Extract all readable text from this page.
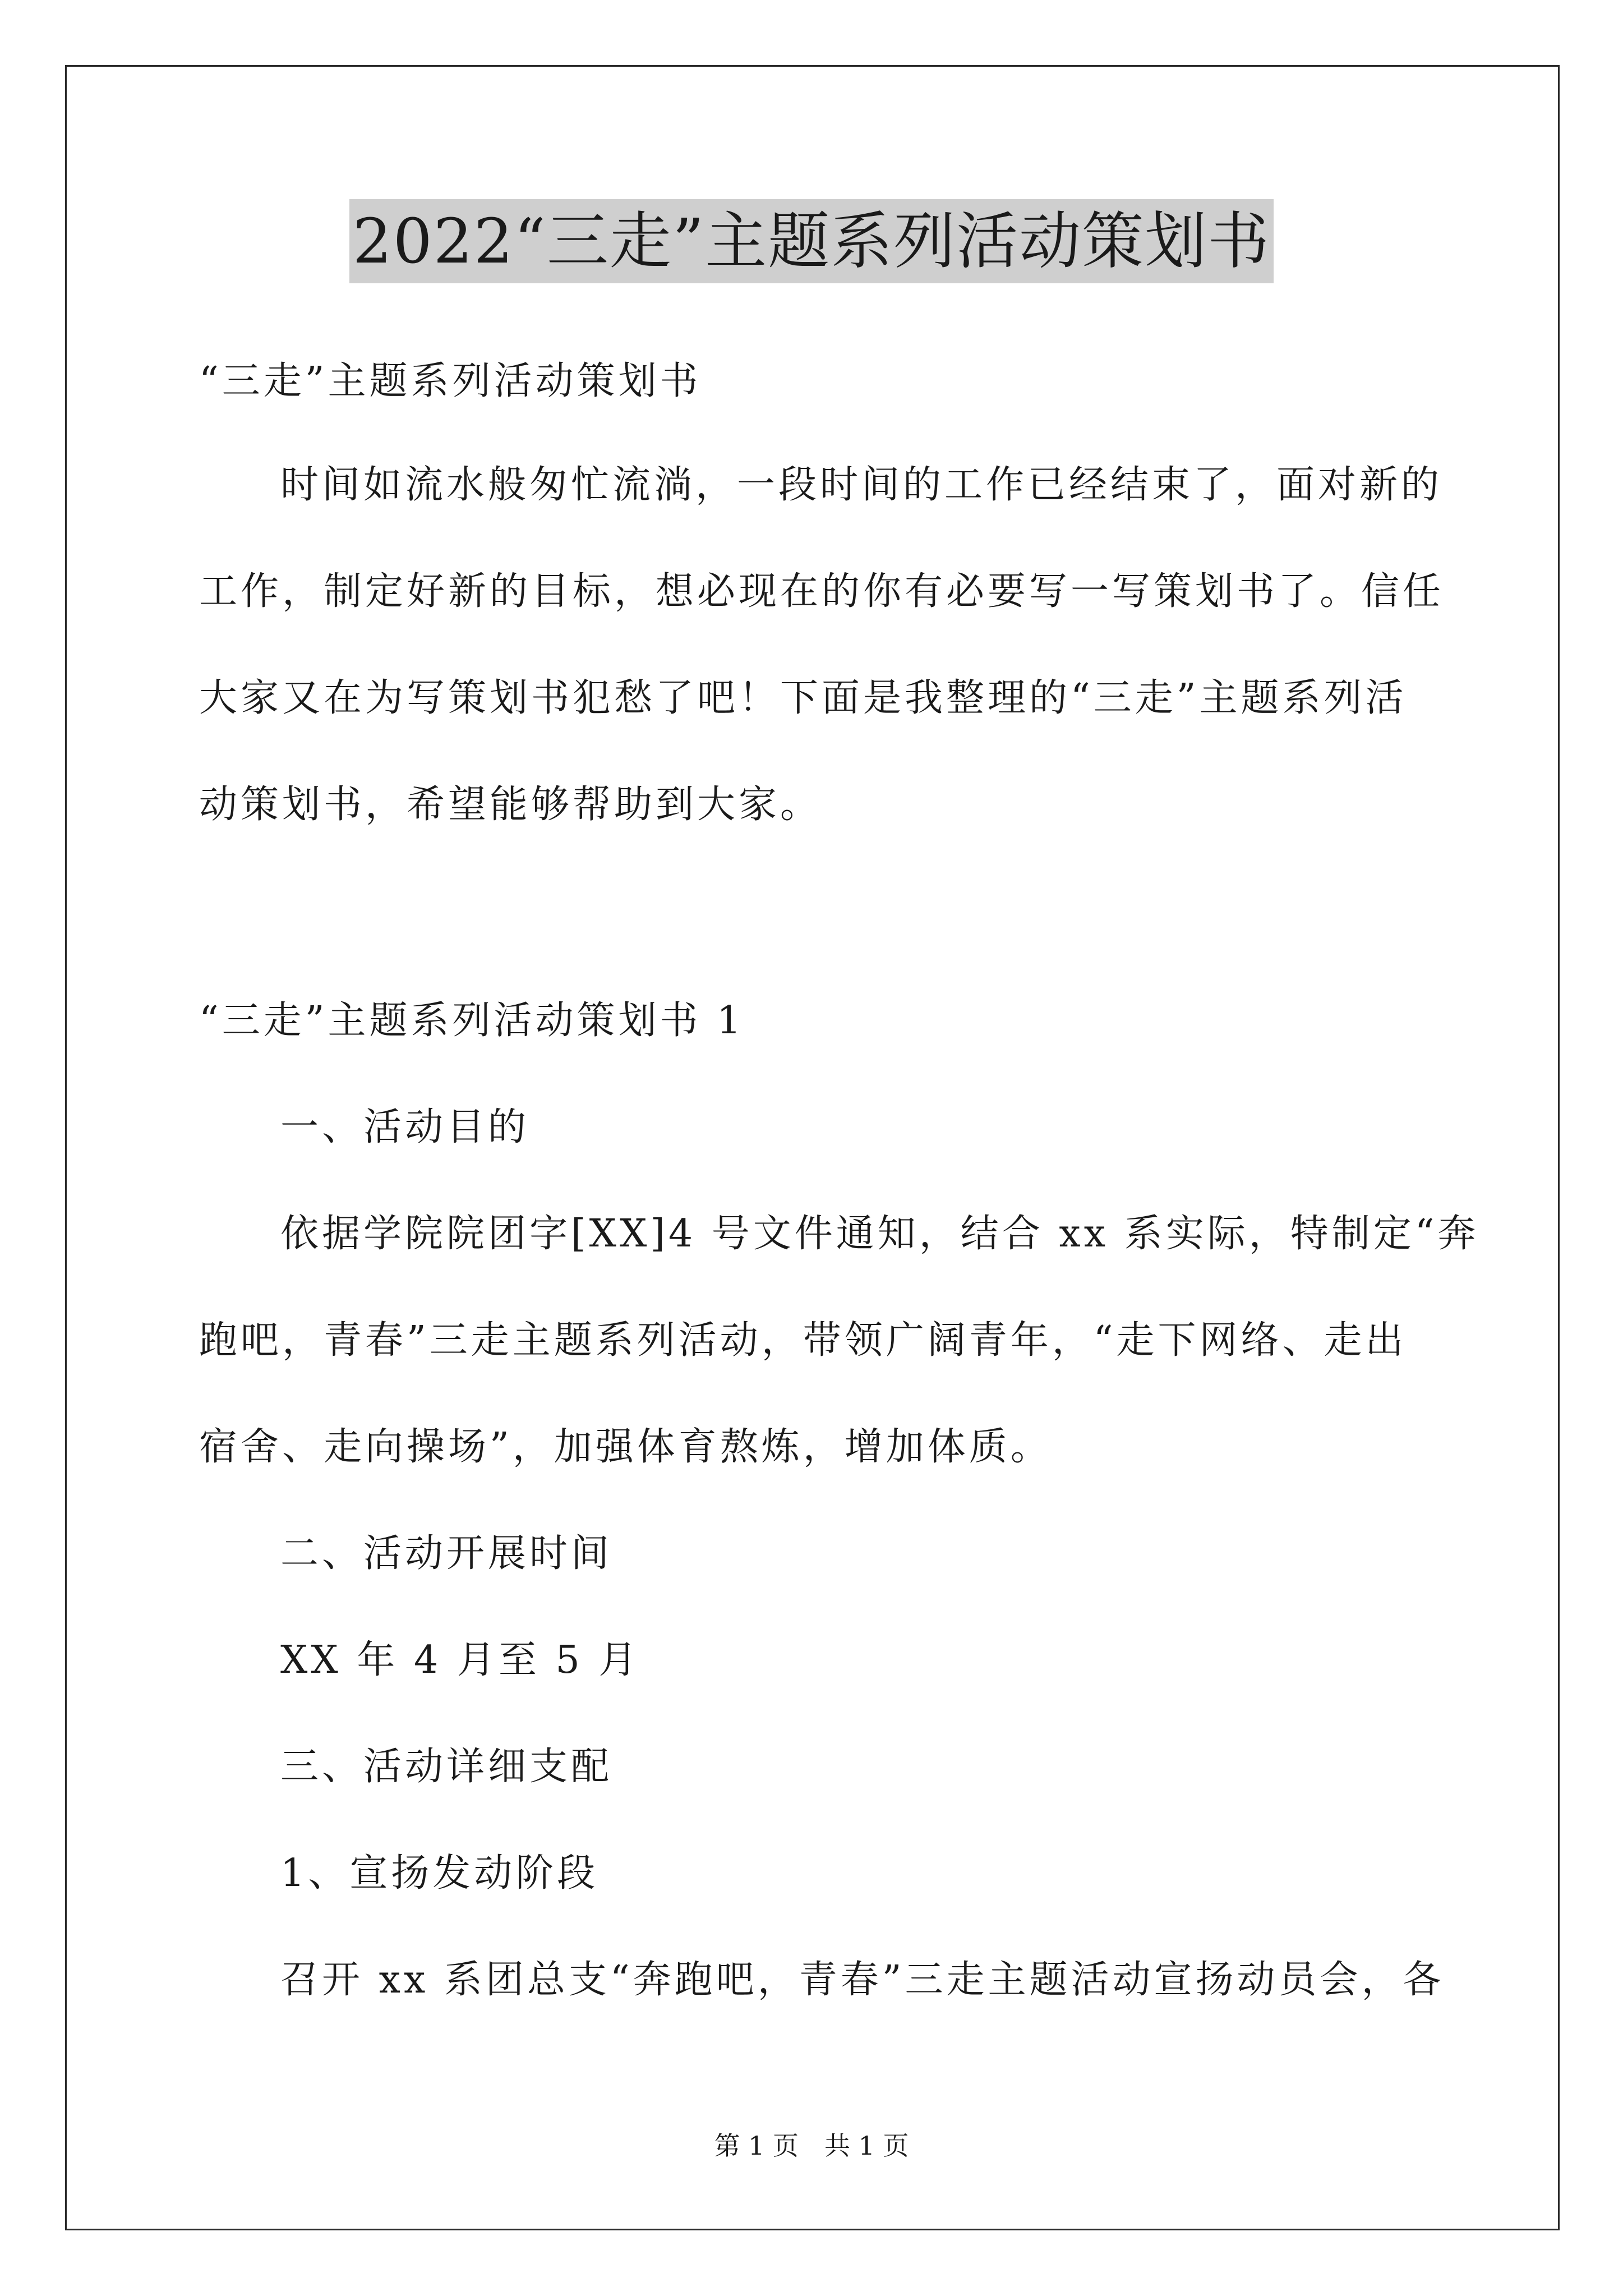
2022“三走”主题系列活动策划书
“三走”主题系列活动策划书
时间如流水般匆忙流淌，一段时间的工作已经结束了，面对新的
工作，制定好新的目标，想必现在的你有必要写一写策划书了。信任
大家又在为写策划书犯愁了吧！下面是我整理的“三走”主题系列活
动策划书，希望能够帮助到大家。
“三走”主题系列活动策划书 1
一、活动目的
依据学院院团字[XX]4 号文件通知，结合 xx 系实际，特制定“奔
跑吧，青春”三走主题系列活动，带领广阔青年，“走下网络、走出
宿舍、走向操场”，加强体育熬炼，增加体质。
二、活动开展时间
XX 年 4 月至 5 月
三、活动详细支配
1、宣扬发动阶段
召开 xx 系团总支“奔跑吧，青春”三走主题活动宣扬动员会，各
第 1 页　共 1 页
